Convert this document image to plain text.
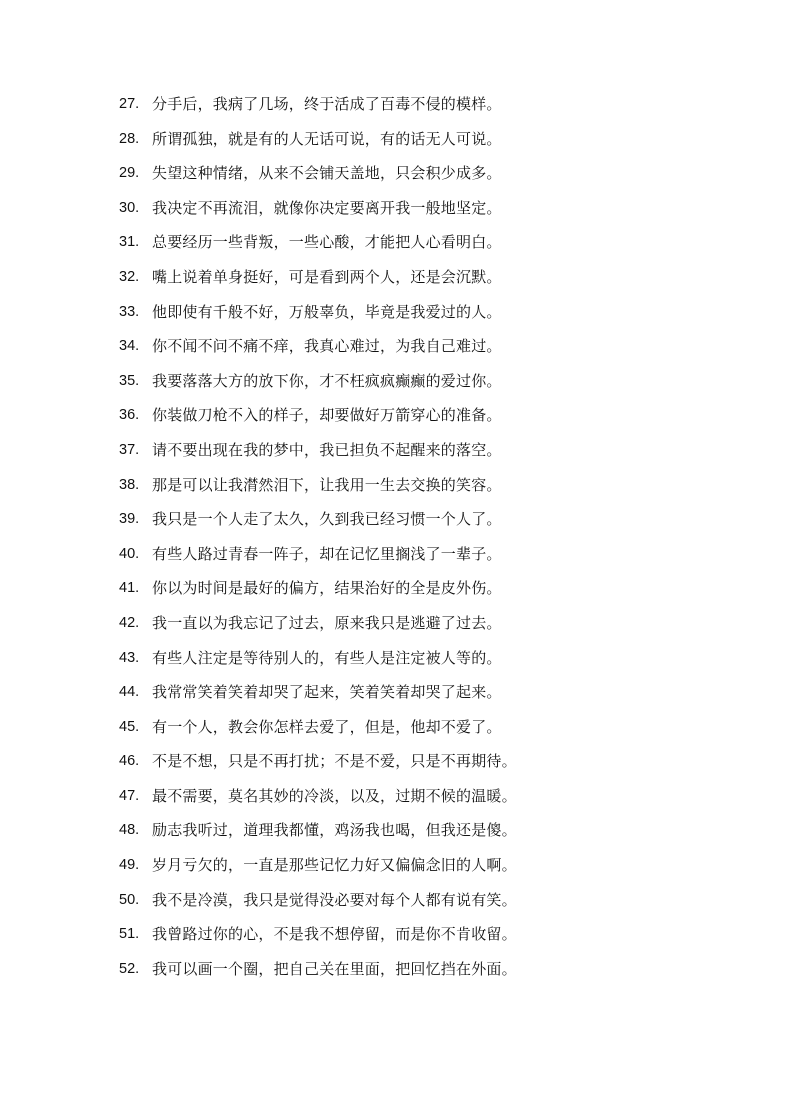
27. 分手后，我病了几场，终于活成了百毒不侵的模样。
28. 所谓孤独，就是有的人无话可说，有的话无人可说。
29. 失望这种情绪，从来不会铺天盖地，只会积少成多。
30. 我决定不再流泪，就像你决定要离开我一般地坚定。
31. 总要经历一些背叛，一些心酸，才能把人心看明白。
32. 嘴上说着单身挺好，可是看到两个人，还是会沉默。
33. 他即使有千般不好，万般辜负，毕竟是我爱过的人。
34. 你不闻不问不痛不痒，我真心难过，为我自己难过。
35. 我要落落大方的放下你，才不枉疯疯癫癫的爱过你。
36. 你装做刀枪不入的样子，却要做好万箭穿心的准备。
37. 请不要出现在我的梦中，我已担负不起醒来的落空。
38. 那是可以让我潸然泪下，让我用一生去交换的笑容。
39. 我只是一个人走了太久，久到我已经习惯一个人了。
40. 有些人路过青春一阵子，却在记忆里搁浅了一辈子。
41. 你以为时间是最好的偏方，结果治好的全是皮外伤。
42. 我一直以为我忘记了过去，原来我只是逃避了过去。
43. 有些人注定是等待别人的，有些人是注定被人等的。
44. 我常常笑着笑着却哭了起来，笑着笑着却哭了起来。
45. 有一个人，教会你怎样去爱了，但是，他却不爱了。
46. 不是不想，只是不再打扰；不是不爱，只是不再期待。
47. 最不需要，莫名其妙的冷淡，以及，过期不候的温暖。
48. 励志我听过，道理我都懂，鸡汤我也喝，但我还是傻。
49. 岁月亏欠的，一直是那些记忆力好又偏偏念旧的人啊。
50. 我不是冷漠，我只是觉得没必要对每个人都有说有笑。
51. 我曾路过你的心，不是我不想停留，而是你不肯收留。
52. 我可以画一个圈，把自己关在里面，把回忆挡在外面。
